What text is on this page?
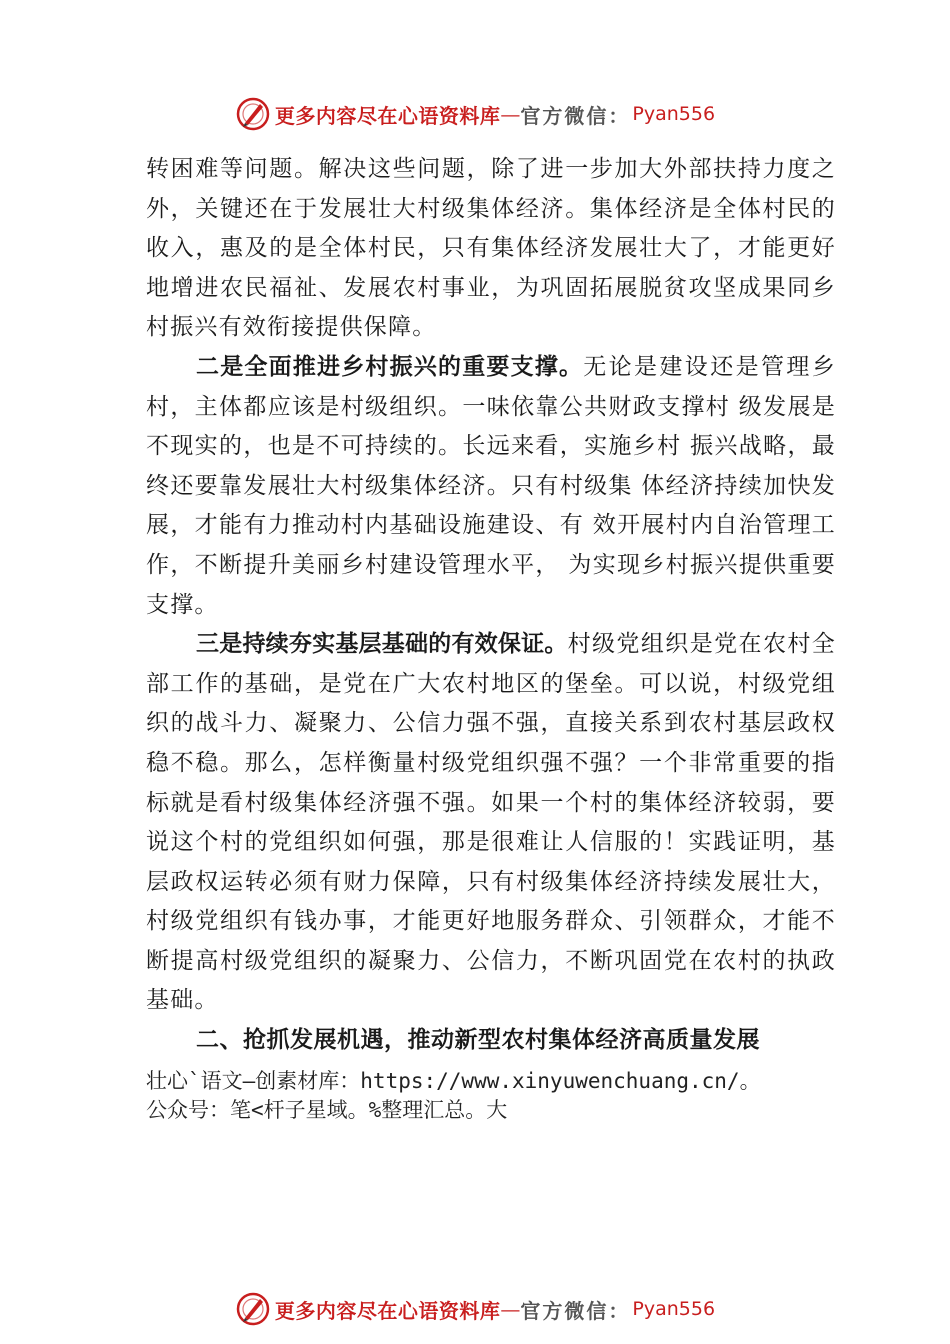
更多内容尽在心语资料库 — 官方微信： Pyan556

转困难等问题。解决这些问题，除了进一步加大外部扶持力度之外，关键还在于发展壮大村级集体经济。集体经济是全体村民的收入，惠及的是全体村民，只有集体经济发展壮大了，才能更好地增进农民福祉、发展农村事业，为巩固拓展脱贫攻坚成果同乡村振兴有效衔接提供保障。

二是全面推进乡村振兴的重要支撑。无论是建设还是管理乡村，主体都应该是村级组织。一味依靠公共财政支撑村 级发展是不现实的，也是不可持续的。长远来看，实施乡村 振兴战略，最终还要靠发展壮大村级集体经济。只有村级集 体经济持续加快发展，才能有力推动村内基础设施建设、有 效开展村内自治管理工作，不断提升美丽乡村建设管理水平， 为实现乡村振兴提供重要支撑。

三是持续夯实基层基础的有效保证。村级党组织是党在农村全部工作的基础，是党在广大农村地区的堡垒。可以说，村级党组织的战斗力、凝聚力、公信力强不强，直接关系到农村基层政权稳不稳。那么，怎样衡量村级党组织强不强？一个非常重要的指标就是看村级集体经济强不强。如果一个村的集体经济较弱，要说这个村的党组织如何强，那是很难让人信服的！实践证明，基层政权运转必须有财力保障，只有村级集体经济持续发展壮大，村级党组织有钱办事，才能更好地服务群众、引领群众，才能不断提高村级党组织的凝聚力、公信力，不断巩固党在农村的执政基础。

二、抢抓发展机遇，推动新型农村集体经济高质量发展

壮心`语文—创素材库：https://www.xinyuwenchuang.cn/。
公众号：笔<杆子星域。%整理汇总。大

更多内容尽在心语资料库 — 官方微信： Pyan556
